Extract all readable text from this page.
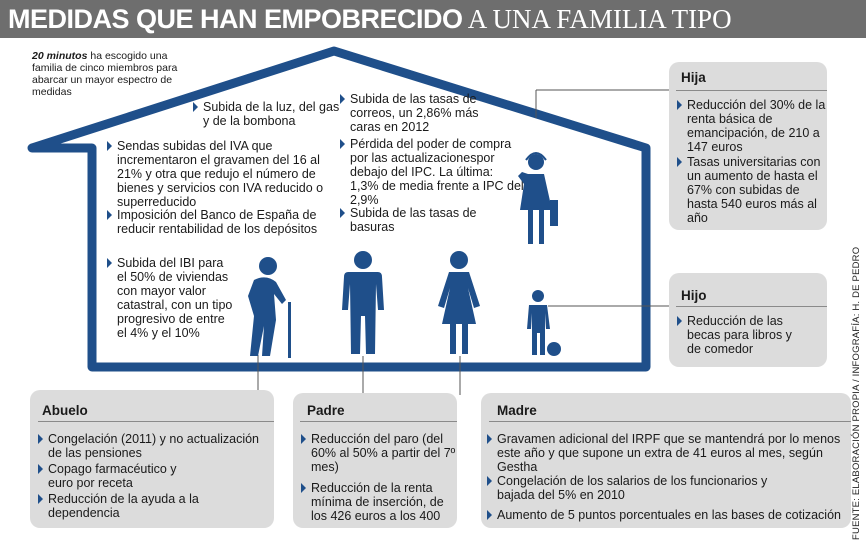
MEDIDAS QUE HAN EMPOBRECIDO A UNA FAMILIA TIPO
20 minutos ha escogido una familia de cinco miembros para abarcar un mayor espectro de medidas
Subida de la luz, del gas y de la bombona
Sendas subidas del IVA que incrementaron el gravamen del 16 al 21% y otra que redujo el número de bienes y servicios con IVA reducido o superreducido
Imposición del Banco de España de reducir rentabilidad de los depósitos
Subida del IBI para el 50% de viviendas con mayor valor catastral, con un tipo progresivo de entre el 4% y el 10%
Subida de las tasas de correos, un 2,86% más caras en 2012
Pérdida del poder de compra por las actualizacionespor debajo del IPC. La última: 1,3% de media frente a IPC del 2,9%
Subida de las tasas de basuras
Hija
Reducción del 30% de la renta básica de emancipación, de 210 a 147 euros
Tasas universitarias con un aumento de hasta el 67% con subidas de hasta 540 euros más al año
Hijo
Reducción de las becas para libros y de comedor
Abuelo
Congelación (2011) y no actualización de las pensiones
Copago farmacéutico y euro por receta
Reducción de la ayuda a la dependencia
Padre
Reducción del paro (del 60% al 50% a partir del 7º mes)
Reducción de la renta mínima de inserción, de los 426 euros a los 400
Madre
Gravamen adicional del IRPF que se mantendrá por lo menos este año y que supone un extra de 41 euros al mes, según Gestha
Congelación de los salarios de los funcionarios y bajada del 5% en 2010
Aumento de 5 puntos porcentuales en las bases de cotización	FUENTE: ELABORACIÓN PROPIA / INFOGRAFÍA: H. DE PEDRO
